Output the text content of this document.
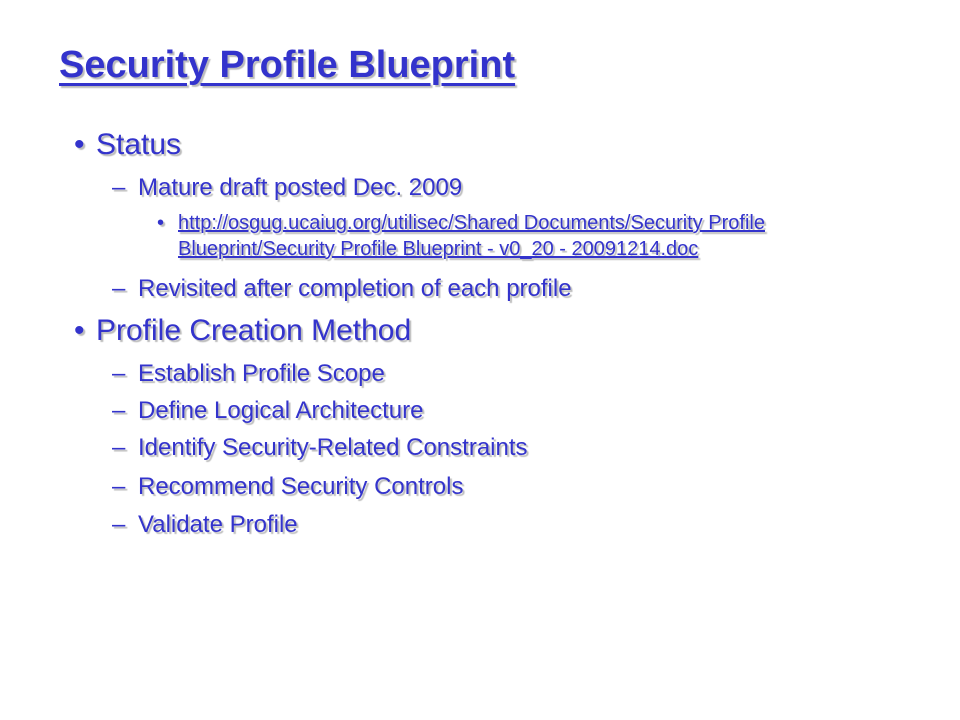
Security Profile Blueprint
• Status
– Mature draft posted Dec. 2009
• http://osgug.ucaiug.org/utilisec/Shared Documents/Security Profile
Blueprint/Security Profile Blueprint - v0_20 - 20091214.doc
– Revisited after completion of each profile
• Profile Creation Method
– Establish Profile Scope
– Define Logical Architecture
– Identify Security-Related Constraints
– Recommend Security Controls
– Validate Profile
